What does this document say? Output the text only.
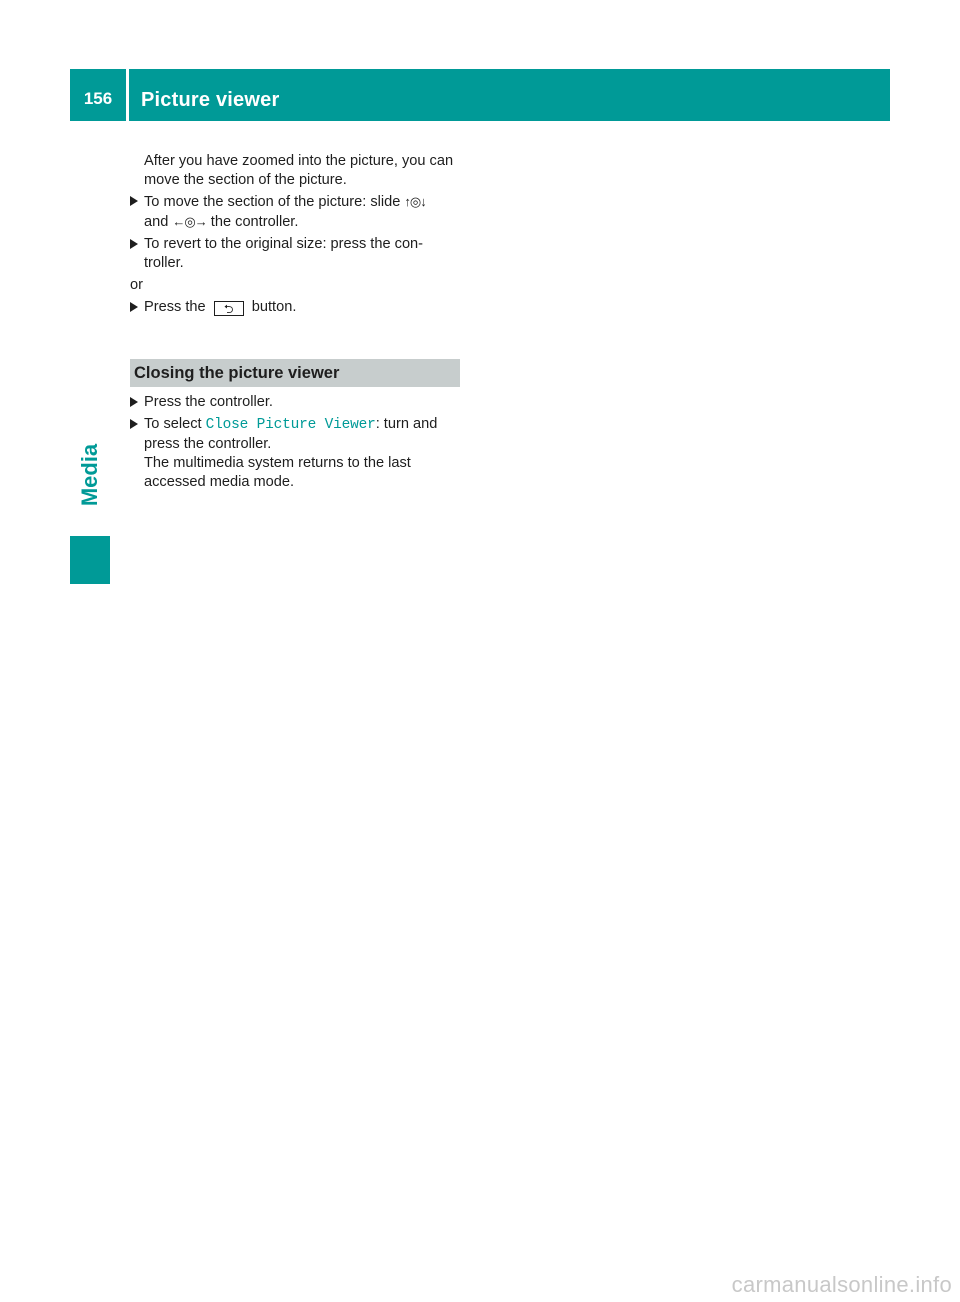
156	Picture viewer
Media
After you have zoomed into the picture, you can move the section of the picture.
To move the section of the picture: slide ↑◎↓
and ←◎→ the controller.
To revert to the original size: press the con-troller.
or
Press the ⮌ button.
Closing the picture viewer
Press the controller.
To select Close Picture Viewer: turn and press the controller.
The multimedia system returns to the last accessed media mode.
carmanualsonline.info
